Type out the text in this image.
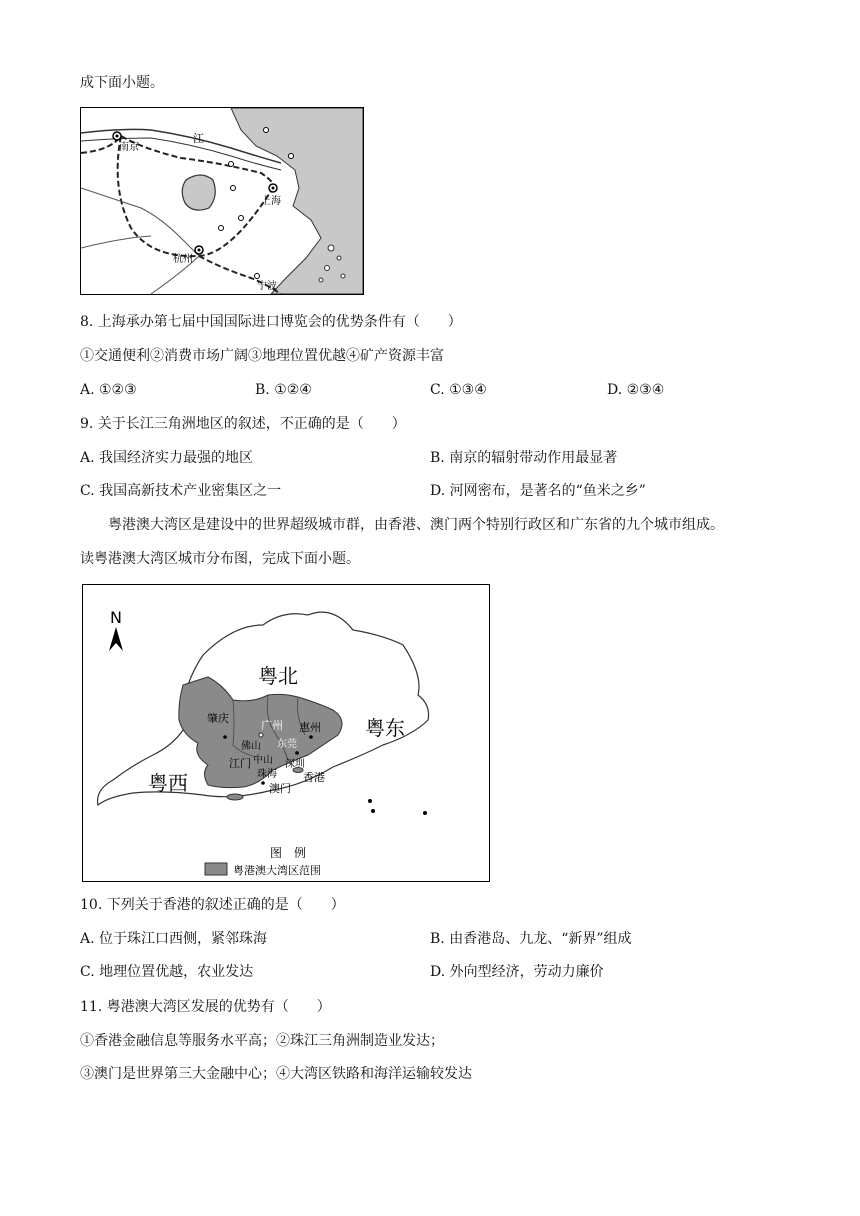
成下面小题。
南京
江
上海
杭州
宁波
8. 上海承办第七届中国国际进口博览会的优势条件有（　　）
①交通便利②消费市场广阔③地理位置优越④矿产资源丰富
A. ①②③	B. ①②④	C. ①③④	D. ②③④
9. 关于长江三角洲地区的叙述，不正确的是（　　）
A. 我国经济实力最强的地区	B. 南京的辐射带动作用最显著
C. 我国高新技术产业密集区之一	D. 河网密布，是著名的“鱼米之乡”
粤港澳大湾区是建设中的世界超级城市群，由香港、澳门两个特别行政区和广东省的九个城市组成。
读粤港澳大湾区城市分布图，完成下面小题。
N
粤北
粤东
粤西
肇庆
广州 惠州
佛山 东莞
中山
江门	深圳
珠海 香港
澳门
图　例
粤港澳大湾区范围
10. 下列关于香港的叙述正确的是（　　）
A. 位于珠江口西侧，紧邻珠海	B. 由香港岛、九龙、“新界”组成
C. 地理位置优越，农业发达	D. 外向型经济，劳动力廉价
11. 粤港澳大湾区发展的优势有（　　）
①香港金融信息等服务水平高；②珠江三角洲制造业发达；
③澳门是世界第三大金融中心；④大湾区铁路和海洋运输较发达
